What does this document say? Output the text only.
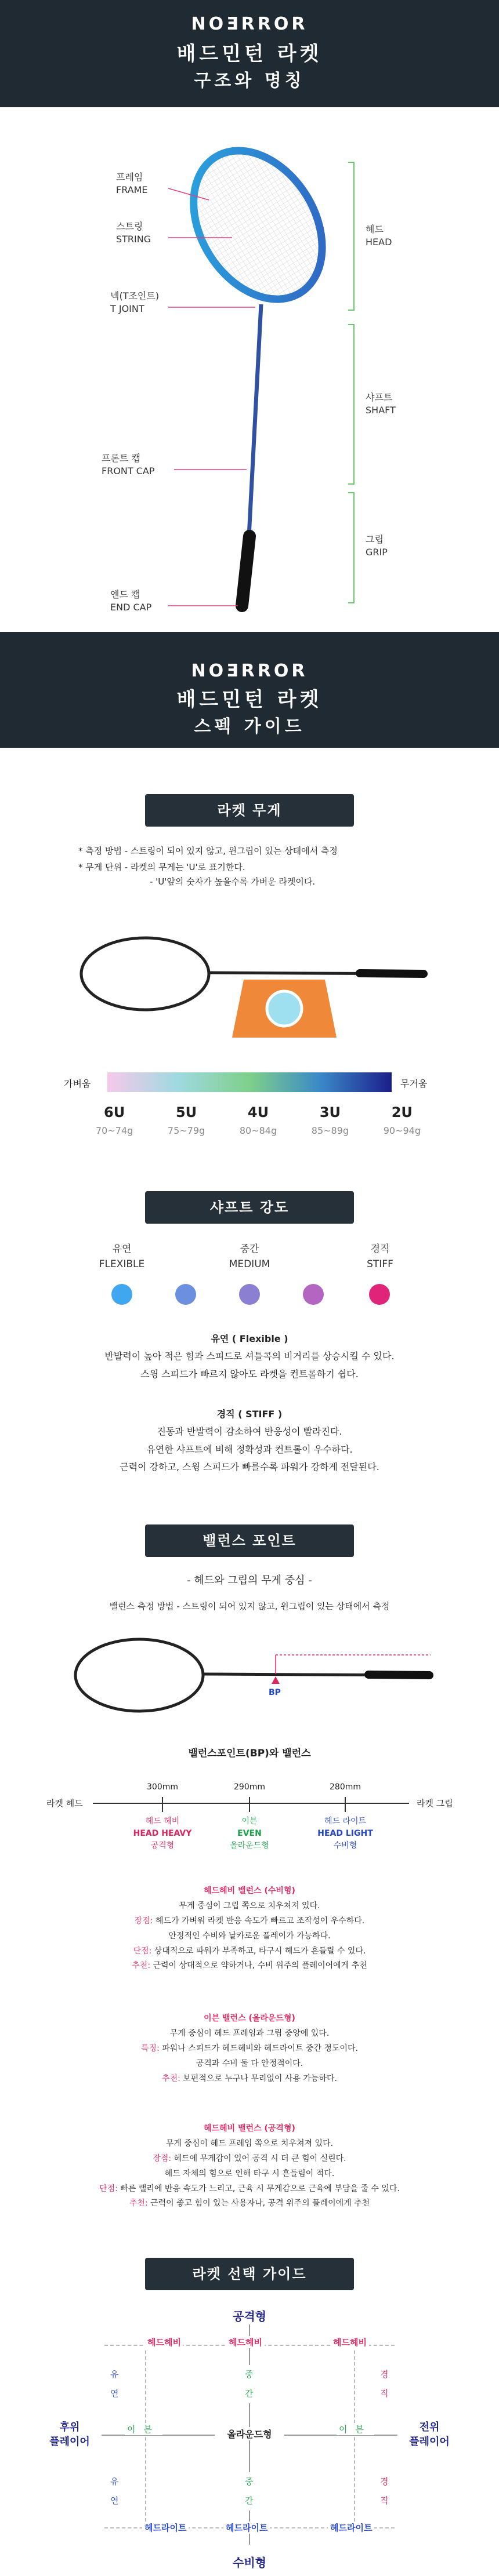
NOƎRROR
배드민턴 라켓
구조와 명칭
프레임
FRAME
스트링
STRING
넥(T조인트)
T JOINT
프론트 캡
FRONT CAP
엔드 캡
END CAP
헤드
HEAD
샤프트
SHAFT
그립
GRIP
NOƎRROR
배드민턴 라켓
스펙 가이드
라켓 무게
* 측정 방법 - 스트링이 되어 있지 않고, 윈그립이 있는 상태에서 측정
* 무게 단위 - 라켓의 무게는 'U'로 표기한다.
- 'U'앞의 숫자가 높을수록 가벼운 라켓이다.
가벼움	무거움
6U
70~74g
5U
75~79g
4U
80~84g
3U
85~89g
2U
90~94g
샤프트 강도
유연
FLEXIBLE
중간
MEDIUM
경직
STIFF
유연 ( Flexible )
반발력이 높아 적은 힘과 스피드로 셔틀콕의 비거리를 상승시킬 수 있다.
스윙 스피드가 빠르지 않아도 라켓을 컨트롤하기 쉽다.
경직 ( STIFF )
진동과 반발력이 감소하여 반응성이 빨라진다.
유연한 샤프트에 비해 정확성과 컨트롤이 우수하다.
근력이 강하고, 스윙 스피드가 빠를수록 파워가 강하게 전달된다.
밸런스 포인트
- 헤드와 그립의 무게 중심 -
밸런스 측정 방법 - 스트링이 되어 있지 않고, 윈그립이 있는 상태에서 측정
BP
밸런스포인트(BP)와 밸런스
라켓 헤드	라켓 그립
300mm
헤드 헤비
HEAD HEAVY
공격형
290mm
이븐
EVEN
올라운드형
280mm
헤드 라이트
HEAD LIGHT
수비형
헤드헤비 밸런스 (수비형)
무게 중심이 그립 쪽으로 치우쳐져 있다.
장점: 헤드가 가벼워 라켓 반응 속도가 빠르고 조작성이 우수하다.
안정적인 수비와 날카로운 플레이가 가능하다.
단점: 상대적으로 파워가 부족하고, 타구시 헤드가 흔들릴 수 있다.
추천: 근력이 상대적으로 약하거나, 수비 위주의 플레이어에게 추천
이븐 밸런스 (올라운드형)
무게 중심이 헤드 프레임과 그립 중앙에 있다.
특징: 파워나 스피드가 헤드헤비와 헤드라이트 중간 정도이다.
공격과 수비 둘 다 안정적이다.
추천: 보편적으로 누구나 무리없이 사용 가능하다.
헤드헤비 밸런스 (공격형)
무게 중심이 헤드 프레임 쪽으로 치우쳐져 있다.
장점: 헤드에 무게감이 있어 공격 시 더 큰 힘이 실린다.
헤드 자체의 힘으로 인해 타구 시 흔들림이 적다.
단점: 빠른 랠리에 반응 속도가 느리고, 근육 시 무게감으로 근육에 부담을 줄 수 있다.
추천: 근력이 좋고 힘이 있는 사용자나, 공격 위주의 플레이에게 추천
라켓 선택 가이드
공격형
헤드헤비	헤드헤비	헤드헤비
헤드라이트	헤드라이트	헤드라이트
후위
플레이어
전위
플레이어
올라운드형
유
연
유
연
경
직
경
직
중
간
중
간
이븐	이븐
수비형
